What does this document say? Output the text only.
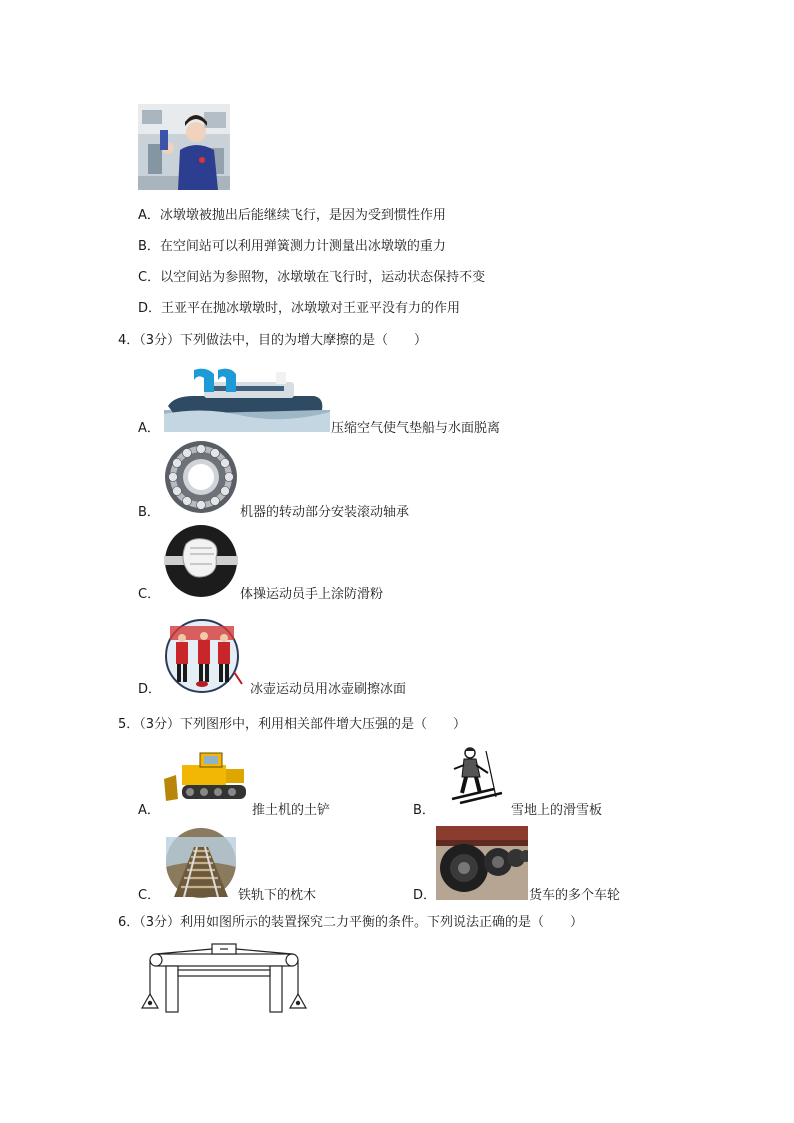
A．冰墩墩被抛出后能继续飞行，是因为受到惯性作用
B．在空间站可以利用弹簧测力计测量出冰墩墩的重力
C．以空间站为参照物，冰墩墩在飞行时，运动状态保持不变
D．王亚平在抛冰墩墩时，冰墩墩对王亚平没有力的作用
4．（3分）下列做法中，目的为增大摩擦的是（　　）
A．	压缩空气使气垫船与水面脱离
B．	机器的转动部分安装滚动轴承
C．	体操运动员手上涂防滑粉
D．	冰壶运动员用冰壶刷擦冰面
5．（3分）下列图形中，利用相关部件增大压强的是（　　）
A．	推土机的土铲	B．	雪地上的滑雪板
C．	铁轨下的枕木	D．	货车的多个车轮
6．（3分）利用如图所示的装置探究二力平衡的条件。下列说法正确的是（　　）
